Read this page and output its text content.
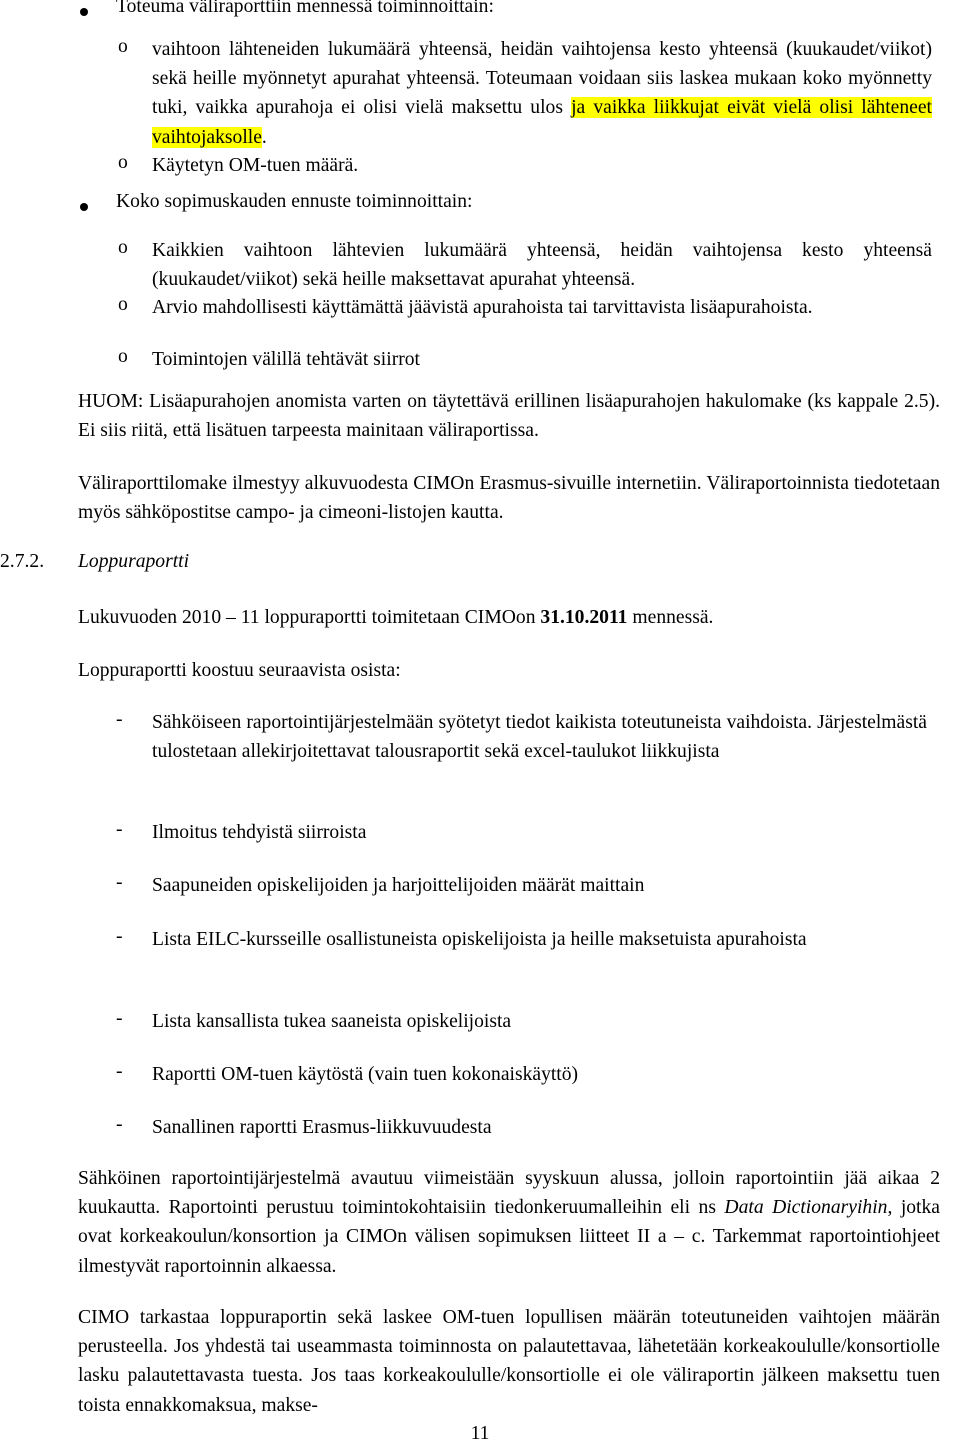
Toteuma väliraporttiin mennessä toiminnoittain:
o vaihtoon lähteneiden lukumäärä yhteensä, heidän vaihtojensa kesto yhteensä (kuukaudet/viikot) sekä heille myönnetyt apurahat yhteensä. Toteumaan voidaan siis laskea mukaan koko myönnetty tuki, vaikka apurahoja ei olisi vielä maksettu ulos ja vaikka liikkujat eivät vielä olisi lähteneet vaihtojaksolle.
o Käytetyn OM-tuen määrä.
Koko sopimuskauden ennuste toiminnoittain:
o Kaikkien vaihtoon lähtevien lukumäärä yhteensä, heidän vaihtojensa kesto yhteensä (kuukaudet/viikot) sekä heille maksettavat apurahat yhteensä.
o Arvio mahdollisesti käyttämättä jäävistä apurahoista tai tarvittavista lisäapurahoista.
o Toimintojen välillä tehtävät siirrot
HUOM: Lisäapurahojen anomista varten on täytettävä erillinen lisäapurahojen hakulomake (ks kappale 2.5). Ei siis riitä, että lisätuen tarpeesta mainitaan väliraportissa.
Väliraporttilomake ilmestyy alkuvuodesta CIMOn Erasmus-sivuille internetiin. Väliraportoinnista tiedotetaan myös sähköpostitse campo- ja cimeoni-listojen kautta.
2.7.2. Loppuraportti
Lukuvuoden 2010 – 11 loppuraportti toimitetaan CIMOon 31.10.2011 mennessä.
Loppuraportti koostuu seuraavista osista:
- Sähköiseen raportointijärjestelmään syötetyt tiedot kaikista toteutuneista vaihdoista. Järjestelmästä tulostetaan allekirjoitettavat talousraportit sekä excel-taulukot liikkujista
- Ilmoitus tehdyistä siirroista
- Saapuneiden opiskelijoiden ja harjoittelijoiden määrät maittain
- Lista EILC-kursseille osallistuneista opiskelijoista ja heille maksetuista apurahoista
- Lista kansallista tukea saaneista opiskelijoista
- Raportti OM-tuen käytöstä (vain tuen kokonaiskäyttö)
- Sanallinen raportti Erasmus-liikkuvuudesta
Sähköinen raportointijärjestelmä avautuu viimeistään syyskuun alussa, jolloin raportointiin jää aikaa 2 kuukautta. Raportointi perustuu toimintokohtaisiin tiedonkeruumalleihin eli ns Data Dictionaryihin, jotka ovat korkeakoulun/konsortion ja CIMOn välisen sopimuksen liitteet II a – c. Tarkemmat raportointiohjeet ilmestyvät raportoinnin alkaessa.
CIMO tarkastaa loppuraportin sekä laskee OM-tuen lopullisen määrän toteutuneiden vaihtojen määrän perusteella. Jos yhdestä tai useammasta toiminnosta on palautettavaa, lähetetään korkeakoululle/konsortiolle lasku palautettavasta tuesta. Jos taas korkeakoululle/konsortiolle ei ole väliraportin jälkeen maksettu tuen toista ennakkomaksua, makse-
11
